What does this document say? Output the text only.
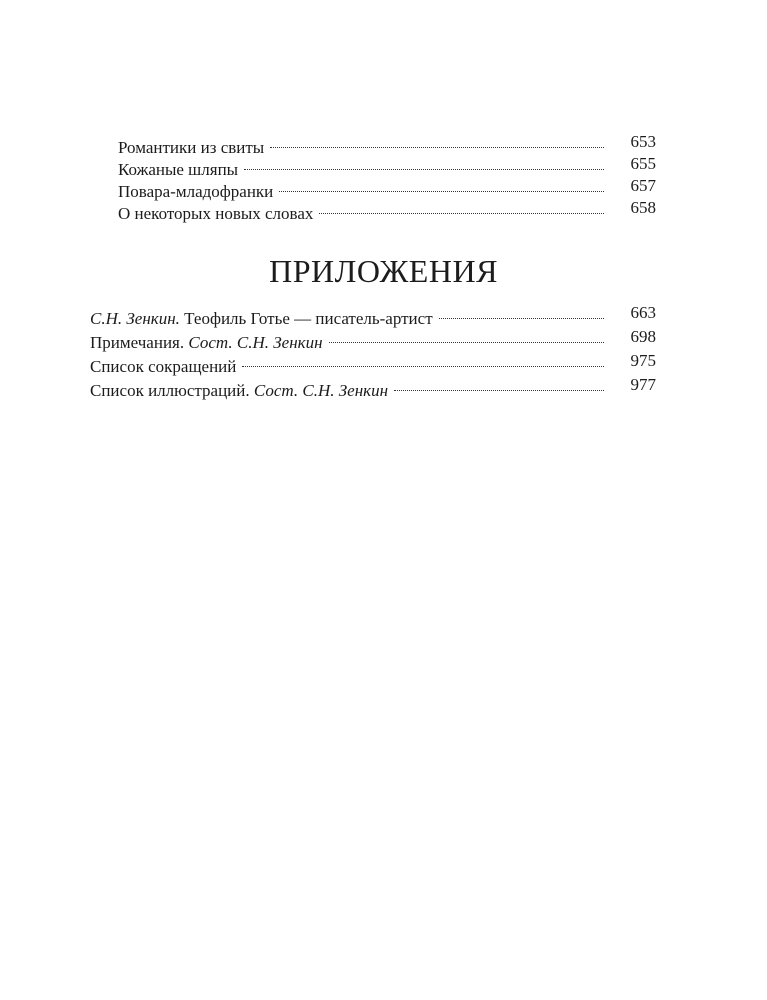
Романтики из свиты	653
Кожаные шляпы	655
Повара-младофранки	657
О некоторых новых словах	658
ПРИЛОЖЕНИЯ
С.Н. Зенкин. Теофиль Готье — писатель-артист	663
Примечания. Сост. С.Н. Зенкин	698
Список сокращений	975
Список иллюстраций. Сост. С.Н. Зенкин	977
